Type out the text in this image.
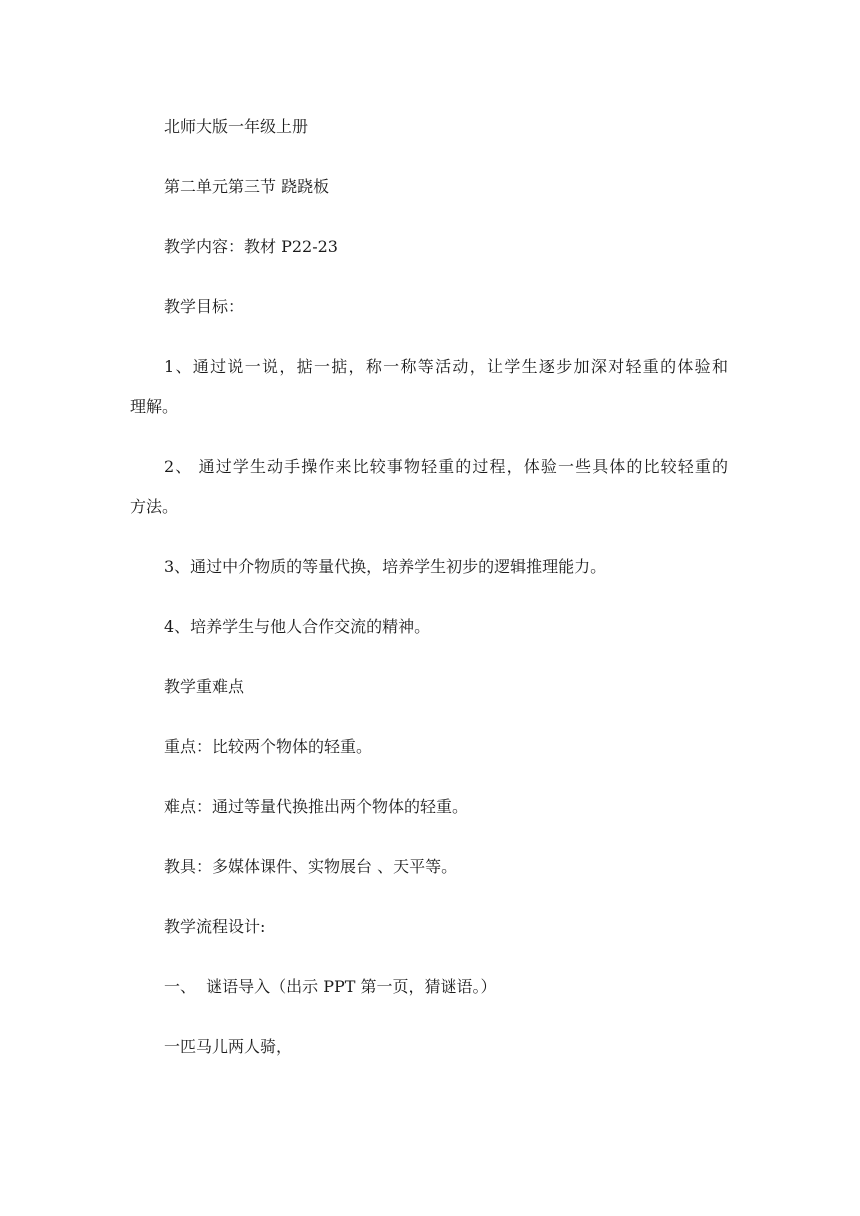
北师大版一年级上册
第二单元第三节 跷跷板
教学内容：教材 P22-23
教学目标：
1、通过说一说，掂一掂，称一称等活动，让学生逐步加深对轻重的体验和
理解。
2、 通过学生动手操作来比较事物轻重的过程，体验一些具体的比较轻重的
方法。
3、通过中介物质的等量代换，培养学生初步的逻辑推理能力。
4、培养学生与他人合作交流的精神。
教学重难点
重点：比较两个物体的轻重。
难点：通过等量代换推出两个物体的轻重。
教具：多媒体课件、实物展台 、天平等。
教学流程设计:
一、  谜语导入（出示 PPT 第一页，猜谜语。）
一匹马儿两人骑，
